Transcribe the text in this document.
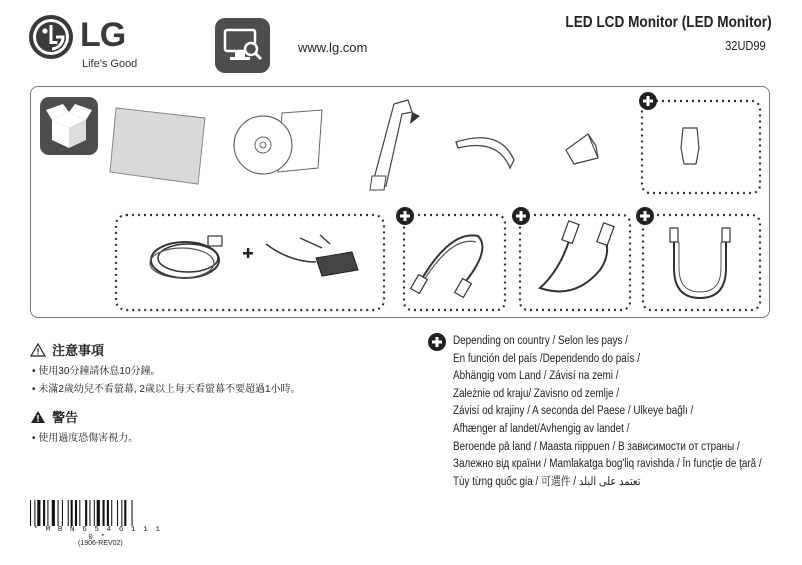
LG
Life's Good
www.lg.com
LED LCD Monitor (LED Monitor)
32UD99
注意事項
• 使用30分鐘請休息10分鐘。
• 未滿2歲幼兒不看螢幕, 2歲以上每天看螢幕不要超過1小時。
警告
• 使用過度恐傷害視力。
Depending on country / Selon les pays /
En función del país /Dependendo do país /
Abhängig vom Land / Závisí na zemi /
Zależnie od kraju/ Zavisno od zemlje /
Závisí od krajiny / A seconda del Paese / Ülkeye bağlı /
Afhænger af landet/Avhengig av landet /
Beroende på land / Maasta riippuen / В зависимости от страны /
Залежно від країни / Mamlakatga bog'liq ravishda / În funcţie de ţară /
Tùy từng quốc gia / 可選件 / تعتمد على البلد
* M B N 6 5 4 6 1 1 1 0 *
(1906-REV02)
